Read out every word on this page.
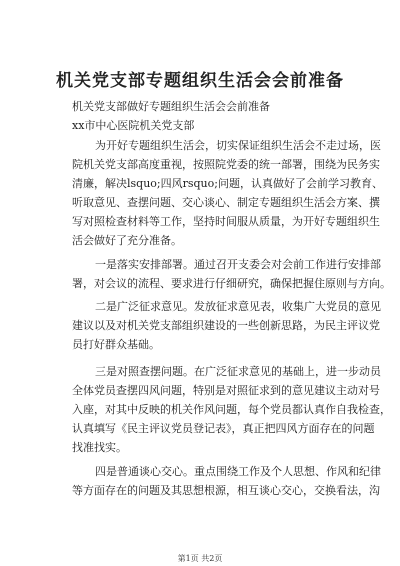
机关党支部专题组织生活会会前准备
机关党支部做好专题组织生活会会前准备
xx市中心医院机关党支部
为开好专题组织生活会，切实保证组织生活会不走过场，医
院机关党支部高度重视，按照院党委的统一部署，围绕为民务实
清廉，解决lsquo;四风rsquo;问题，认真做好了会前学习教育、
听取意见、查摆问题、交心谈心、制定专题组织生活会方案、撰
写对照检查材料等工作，坚持时间服从质量，为开好专题组织生
活会做好了充分准备。
一是落实安排部署。通过召开支委会对会前工作进行安排部
署，对会议的流程、要求进行仔细研究，确保把握住原则与方向。
二是广泛征求意见。发放征求意见表，收集广大党员的意见
建议以及对机关党支部组织建设的一些创新思路，为民主评议党
员打好群众基础。
三是对照查摆问题。在广泛征求意见的基础上，进一步动员
全体党员查摆四风问题，特别是对照征求到的意见建议主动对号
入座，对其中反映的机关作风问题，每个党员都认真作自我检查，
认真填写《民主评议党员登记表》，真正把四风方面存在的问题
找准找实。
四是普通谈心交心。重点围绕工作及个人思想、作风和纪律
等方面存在的问题及其思想根源，相互谈心交心，交换看法，沟
第1页 共2页
